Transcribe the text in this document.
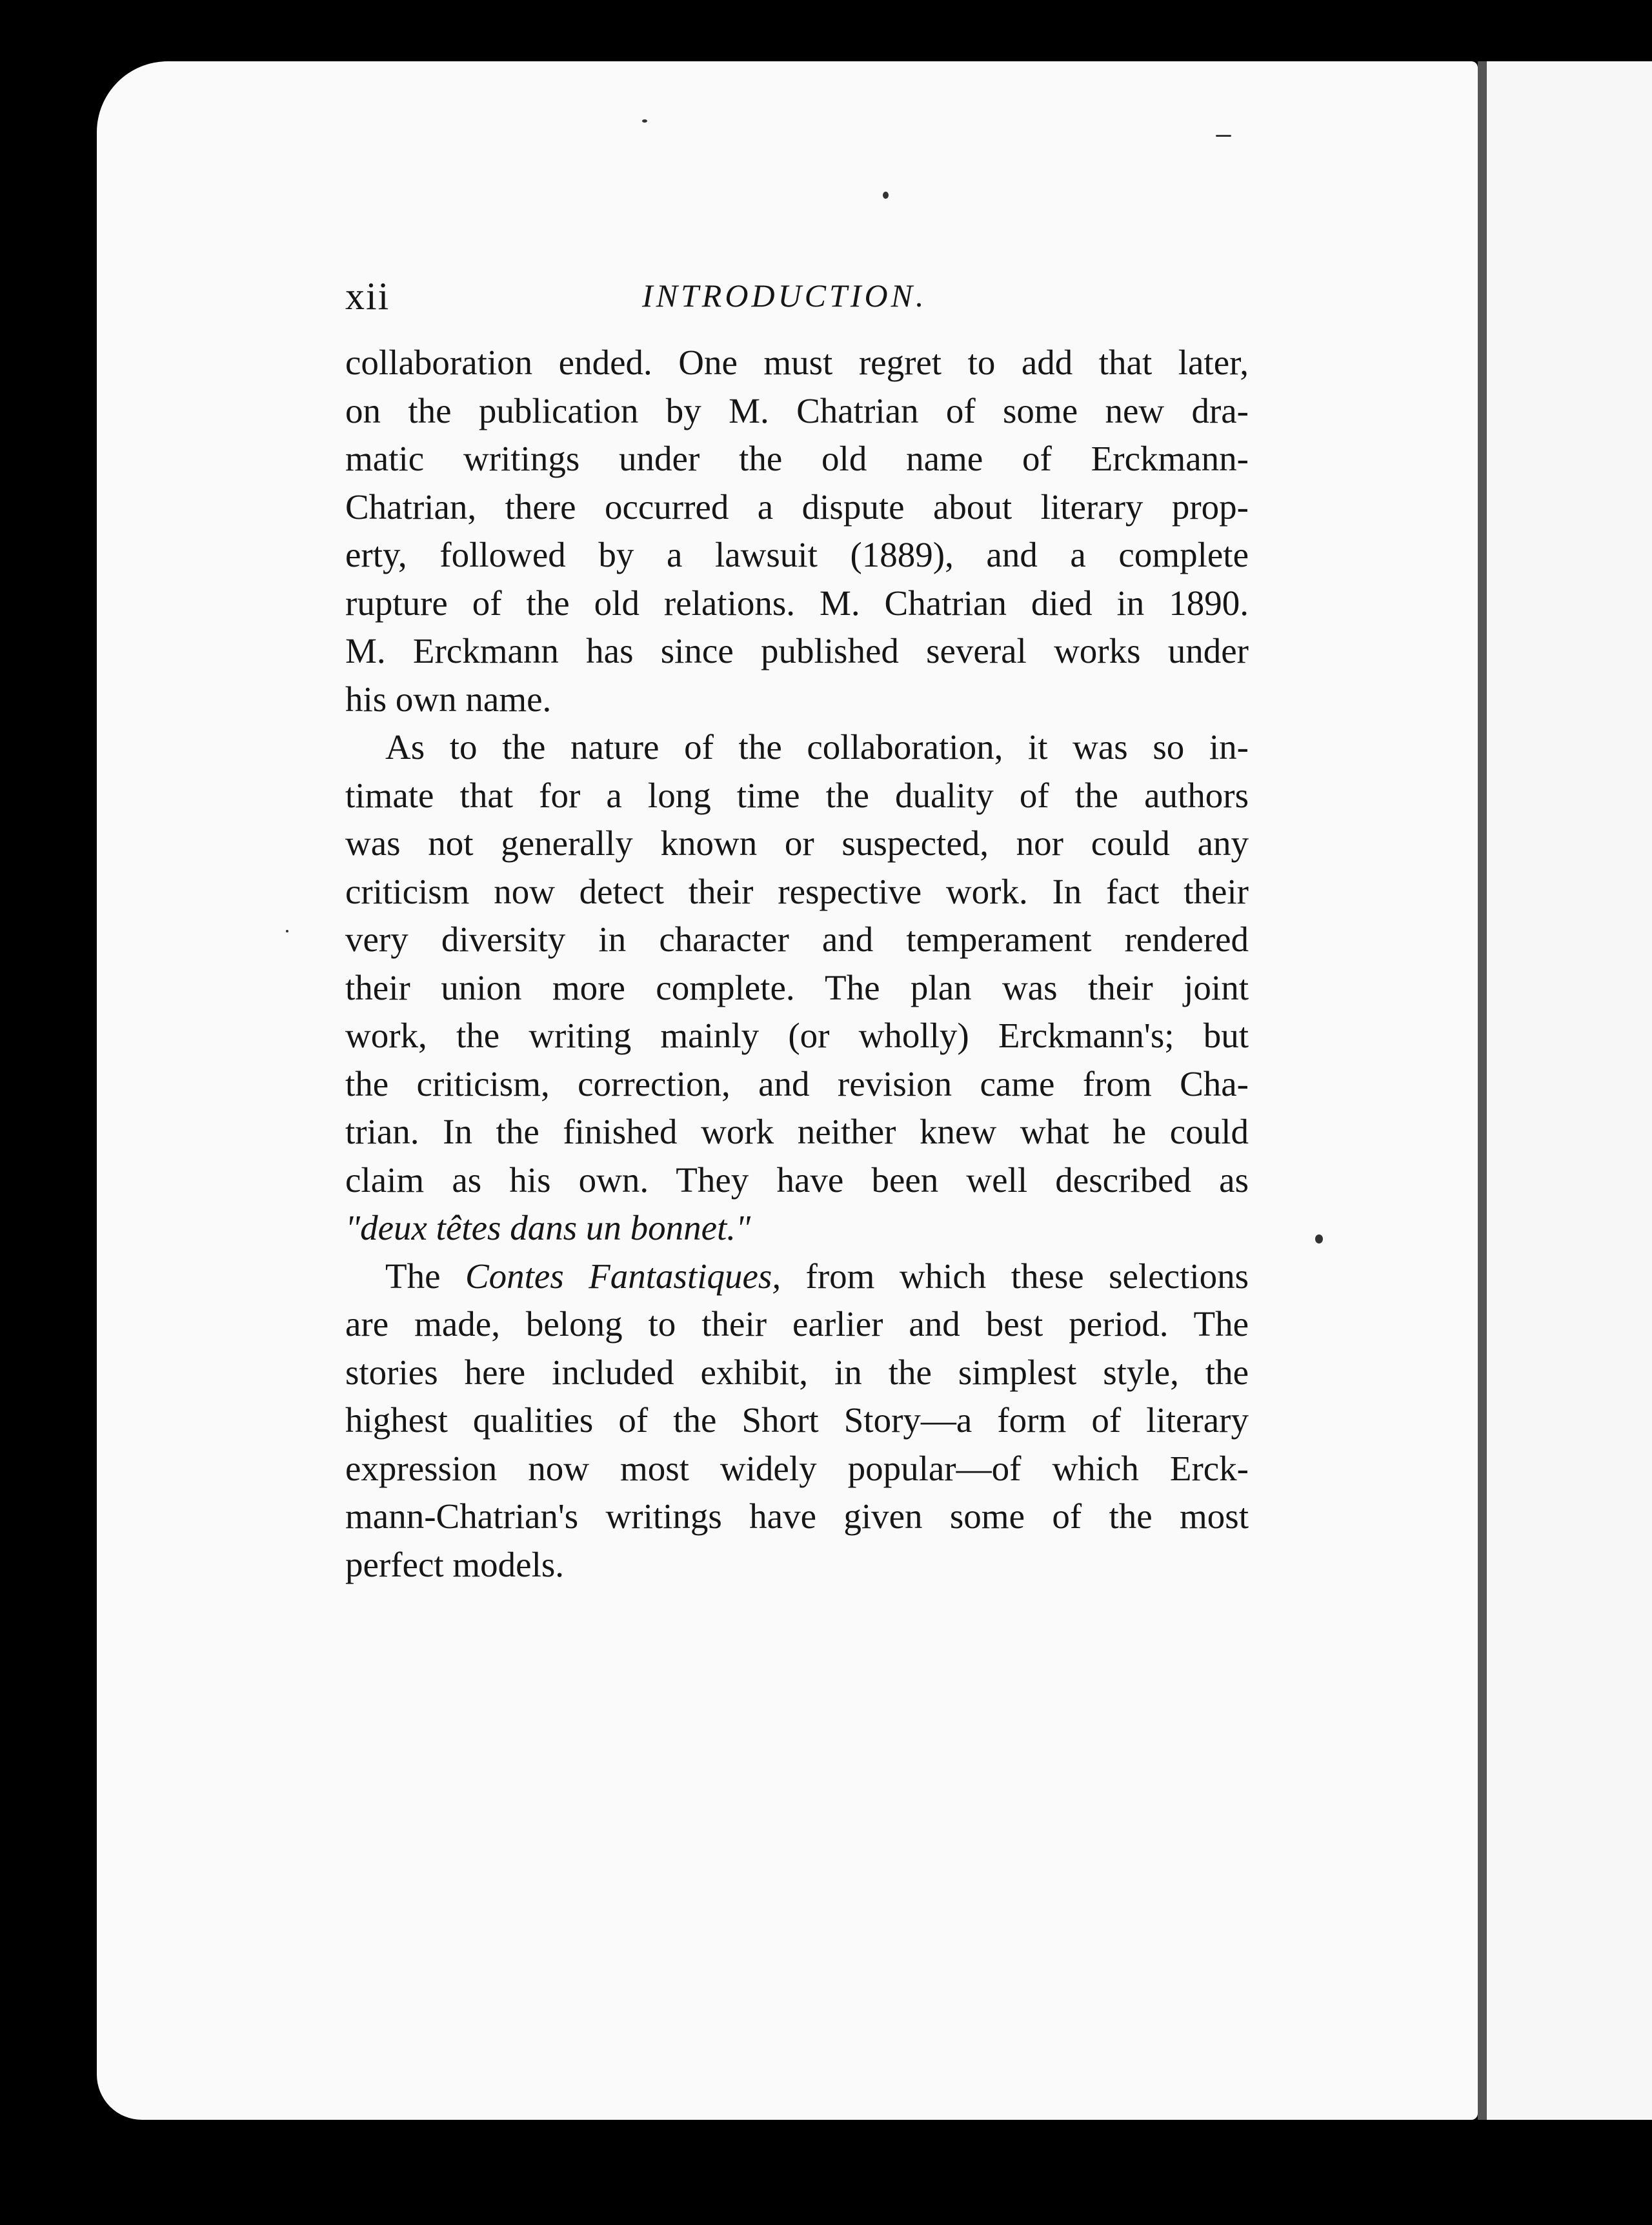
xii	INTRODUCTION.

collaboration ended. One must regret to add that later,
on the publication by M. Chatrian of some new dra-
matic writings under the old name of Erckmann-
Chatrian, there occurred a dispute about literary prop-
erty, followed by a lawsuit (1889), and a complete
rupture of the old relations. M. Chatrian died in 1890.
M. Erckmann has since published several works under
his own name.

As to the nature of the collaboration, it was so in-
timate that for a long time the duality of the authors
was not generally known or suspected, nor could any
criticism now detect their respective work. In fact their
very diversity in character and temperament rendered
their union more complete. The plan was their joint
work, the writing mainly (or wholly) Erckmann's; but
the criticism, correction, and revision came from Cha-
trian. In the finished work neither knew what he could
claim as his own. They have been well described as
"deux têtes dans un bonnet."

The Contes Fantastiques, from which these selections
are made, belong to their earlier and best period. The
stories here included exhibit, in the simplest style, the
highest qualities of the Short Story—a form of literary
expression now most widely popular—of which Erck-
mann-Chatrian's writings have given some of the most
perfect models.
